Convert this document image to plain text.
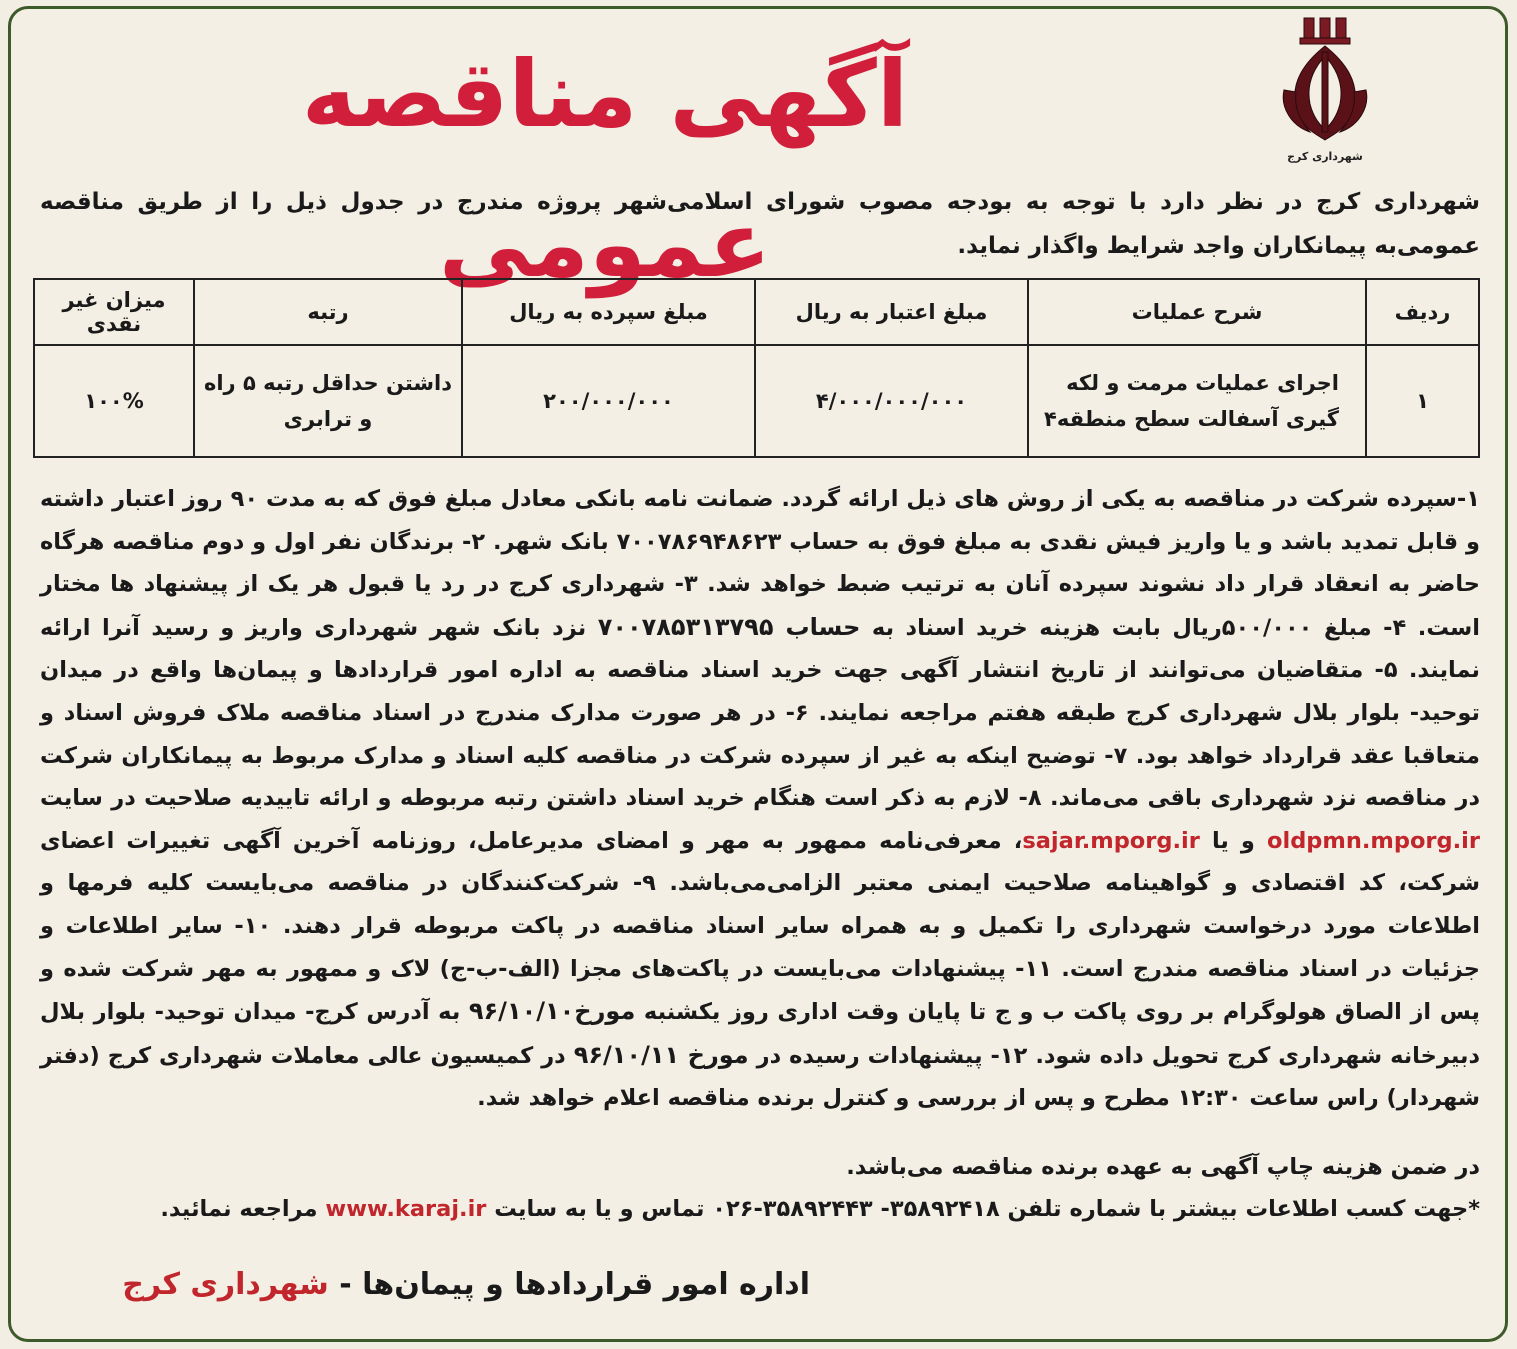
شهرداری کرج
آگهی مناقصه عمومی
شهرداری کرج در نظر دارد با توجه به بودجه مصوب شورای اسلامی‌شهر پروژه مندرج در جدول ذیل را از طریق مناقصه عمومی‌به پیمانکاران واجد شرایط واگذار نماید.
ردیف	شرح عملیات	مبلغ اعتبار به ریال	مبلغ سپرده به ریال	رتبه	میزان غیر نقدی
۱	اجرای عملیات مرمت و لکه گیری آسفالت سطح منطقه۴	۴/۰۰۰/۰۰۰/۰۰۰	۲۰۰/۰۰۰/۰۰۰	داشتن حداقل رتبه ۵ راه و ترابری	۱۰۰%

۱-سپرده شرکت در مناقصه به یکی از روش های ذیل ارائه گردد. ضمانت نامه بانکی معادل مبلغ فوق که به مدت ۹۰ روز اعتبار داشته و قابل تمدید باشد و یا واریز فیش نقدی به مبلغ فوق به حساب ۷۰۰۷۸۶۹۴۸۶۲۳ بانک شهر. ۲- برندگان نفر اول و دوم مناقصه هرگاه حاضر به انعقاد قرار داد نشوند سپرده آنان به ترتیب ضبط خواهد شد. ۳- شهرداری کرج در رد یا قبول هر یک از پیشنهاد ها مختار است. ۴- مبلغ ۵۰۰/۰۰۰ریال بابت هزینه خرید اسناد به حساب ۷۰۰۷۸۵۳۱۳۷۹۵ نزد بانک شهر شهرداری واریز و رسید آنرا ارائه نمایند. ۵- متقاضیان می‌توانند از تاریخ انتشار آگهی جهت خرید اسناد مناقصه به اداره امور قراردادها و پیمان‌ها واقع در میدان توحید- بلوار بلال شهرداری کرج طبقه هفتم مراجعه نمایند. ۶- در هر صورت مدارک مندرج در اسناد مناقصه ملاک فروش اسناد و متعاقبا عقد قرارداد خواهد بود. ۷- توضیح اینکه به غیر از سپرده شرکت در مناقصه کلیه اسناد و مدارک مربوط به پیمانکاران شرکت در مناقصه نزد شهرداری باقی می‌ماند. ۸- لازم به ذکر است هنگام خرید اسناد داشتن رتبه مربوطه و ارائه تاییدیه صلاحیت در سایت oldpmn.mporg.ir و یا sajar.mporg.ir، معرفی‌نامه ممهور به مهر و امضای مدیرعامل، روزنامه آخرین آگهی تغییرات اعضای شرکت، کد اقتصادی و گواهینامه صلاحیت ایمنی معتبر الزامی‌می‌باشد. ۹- شرکت‌کنندگان در مناقصه می‌بایست کلیه فرمها و اطلاعات مورد درخواست شهرداری را تکمیل و به همراه سایر اسناد مناقصه در پاکت مربوطه قرار دهند. ۱۰- سایر اطلاعات و جزئیات در اسناد مناقصه مندرج است. ۱۱- پیشنهادات می‌بایست در پاکت‌های مجزا (الف-ب-ج) لاک و ممهور به مهر شرکت شده و پس از الصاق هولوگرام بر روی پاکت ب و ج تا پایان وقت اداری روز یکشنبه مورخ۹۶/۱۰/۱۰ به آدرس کرج- میدان توحید- بلوار بلال دبیرخانه شهرداری کرج تحویل داده شود. ۱۲- پیشنهادات رسیده در مورخ ۹۶/۱۰/۱۱ در کمیسیون عالی معاملات شهرداری کرج (دفتر شهردار) راس ساعت ۱۲:۳۰ مطرح و پس از بررسی و کنترل برنده مناقصه اعلام خواهد شد.

در ضمن هزینه چاپ آگهی به عهده برنده مناقصه می‌باشد.

*جهت کسب اطلاعات بیشتر با شماره تلفن ۳۵۸۹۲۴۱۸- ۳۵۸۹۲۴۴۳-۰۲۶ تماس و یا به سایت www.karaj.ir مراجعه نمائید.

اداره امور قراردادها و پیمان‌ها - شهرداری کرج
